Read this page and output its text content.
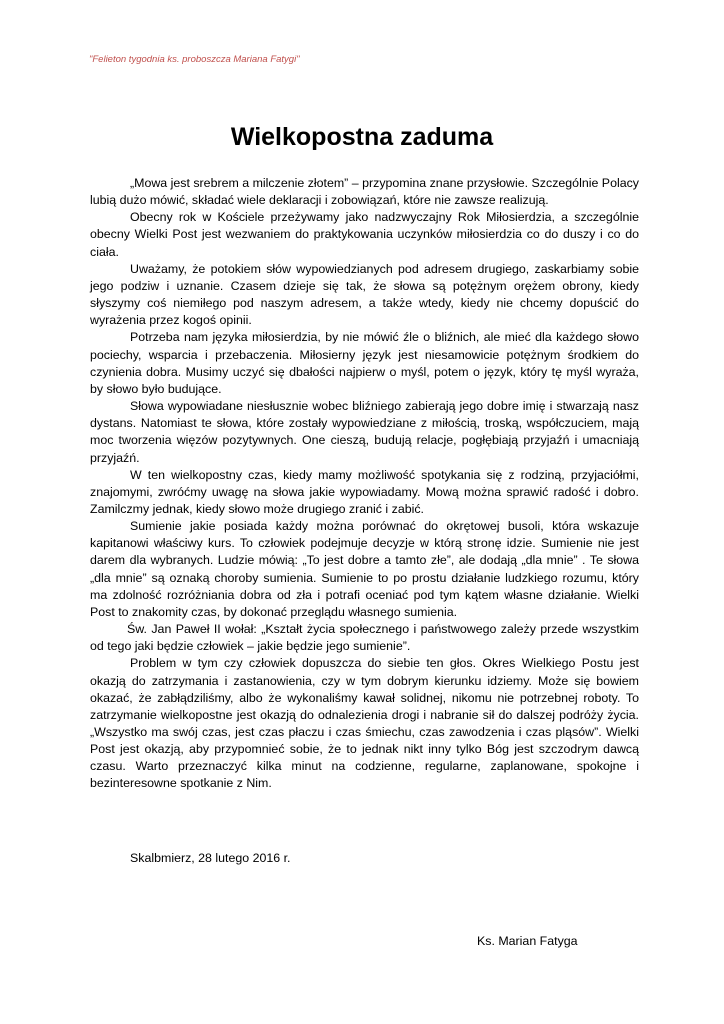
"Felieton tygodnia ks. proboszcza Mariana Fatygi"
Wielkopostna zaduma

„Mowa jest srebrem a milczenie złotem” – przypomina znane przysłowie. Szczególnie Polacy lubią dużo mówić, składać wiele deklaracji i zobowiązań, które nie zawsze realizują.

Obecny rok w Kościele przeżywamy jako nadzwyczajny Rok Miłosierdzia, a szczególnie obecny Wielki Post jest wezwaniem do praktykowania uczynków miłosierdzia co do duszy i co do ciała.

Uważamy, że potokiem słów wypowiedzianych pod adresem drugiego, zaskarbiamy sobie jego podziw i uznanie. Czasem dzieje się tak, że słowa są potężnym orężem obrony, kiedy słyszymy coś niemiłego pod naszym adresem, a także wtedy, kiedy nie chcemy dopuścić do wyrażenia przez kogoś opinii.

Potrzeba nam języka miłosierdzia, by nie mówić źle o bliźnich, ale mieć dla każdego słowo pociechy, wsparcia i przebaczenia. Miłosierny język jest niesamowicie potężnym środkiem do czynienia dobra. Musimy uczyć się dbałości najpierw o myśl, potem o język, który tę myśl wyraża, by słowo było budujące.

Słowa wypowiadane niesłusznie wobec bliźniego zabierają jego dobre imię i stwarzają nasz dystans. Natomiast te słowa, które zostały wypowiedziane z miłością, troską, współczuciem, mają moc tworzenia więzów pozytywnych. One cieszą, budują relacje, pogłębiają przyjaźń i umacniają przyjaźń.

W ten wielkopostny czas, kiedy mamy możliwość spotykania się z rodziną, przyjaciółmi, znajomymi, zwróćmy uwagę na słowa jakie wypowiadamy. Mową można sprawić radość i dobro. Zamilczmy jednak, kiedy słowo może drugiego zranić i zabić.

Sumienie jakie posiada każdy można porównać do okrętowej busoli, która wskazuje kapitanowi właściwy kurs. To człowiek podejmuje decyzje w którą stronę idzie. Sumienie nie jest darem dla wybranych. Ludzie mówią: „To jest dobre a tamto złe”, ale dodają „dla mnie” . Te słowa „dla mnie” są oznaką choroby sumienia. Sumienie to po prostu działanie ludzkiego rozumu, który ma zdolność rozróżniania dobra od zła i potrafi oceniać pod tym kątem własne działanie. Wielki Post to znakomity czas, by dokonać przeglądu własnego sumienia.

Św. Jan Paweł II wołał: „Kształt życia społecznego i państwowego zależy przede wszystkim od tego jaki będzie człowiek – jakie będzie jego sumienie”.

Problem w tym czy człowiek dopuszcza do siebie ten głos. Okres Wielkiego Postu jest okazją do zatrzymania i zastanowienia, czy w tym dobrym kierunku idziemy. Może się bowiem okazać, że zabłądziliśmy, albo że wykonaliśmy kawał solidnej, nikomu nie potrzebnej roboty. To zatrzymanie wielkopostne jest okazją do odnalezienia drogi i nabranie sił do dalszej podróży życia. „Wszystko ma swój czas, jest czas płaczu i czas śmiechu, czas zawodzenia i czas pląsów”. Wielki Post jest okazją, aby przypomnieć sobie, że to jednak nikt inny tylko Bóg jest szczodrym dawcą czasu. Warto przeznaczyć kilka minut na codzienne, regularne, zaplanowane, spokojne i bezinteresowne spotkanie z Nim.

Skalbmierz, 28 lutego 2016 r.
Ks. Marian Fatyga
